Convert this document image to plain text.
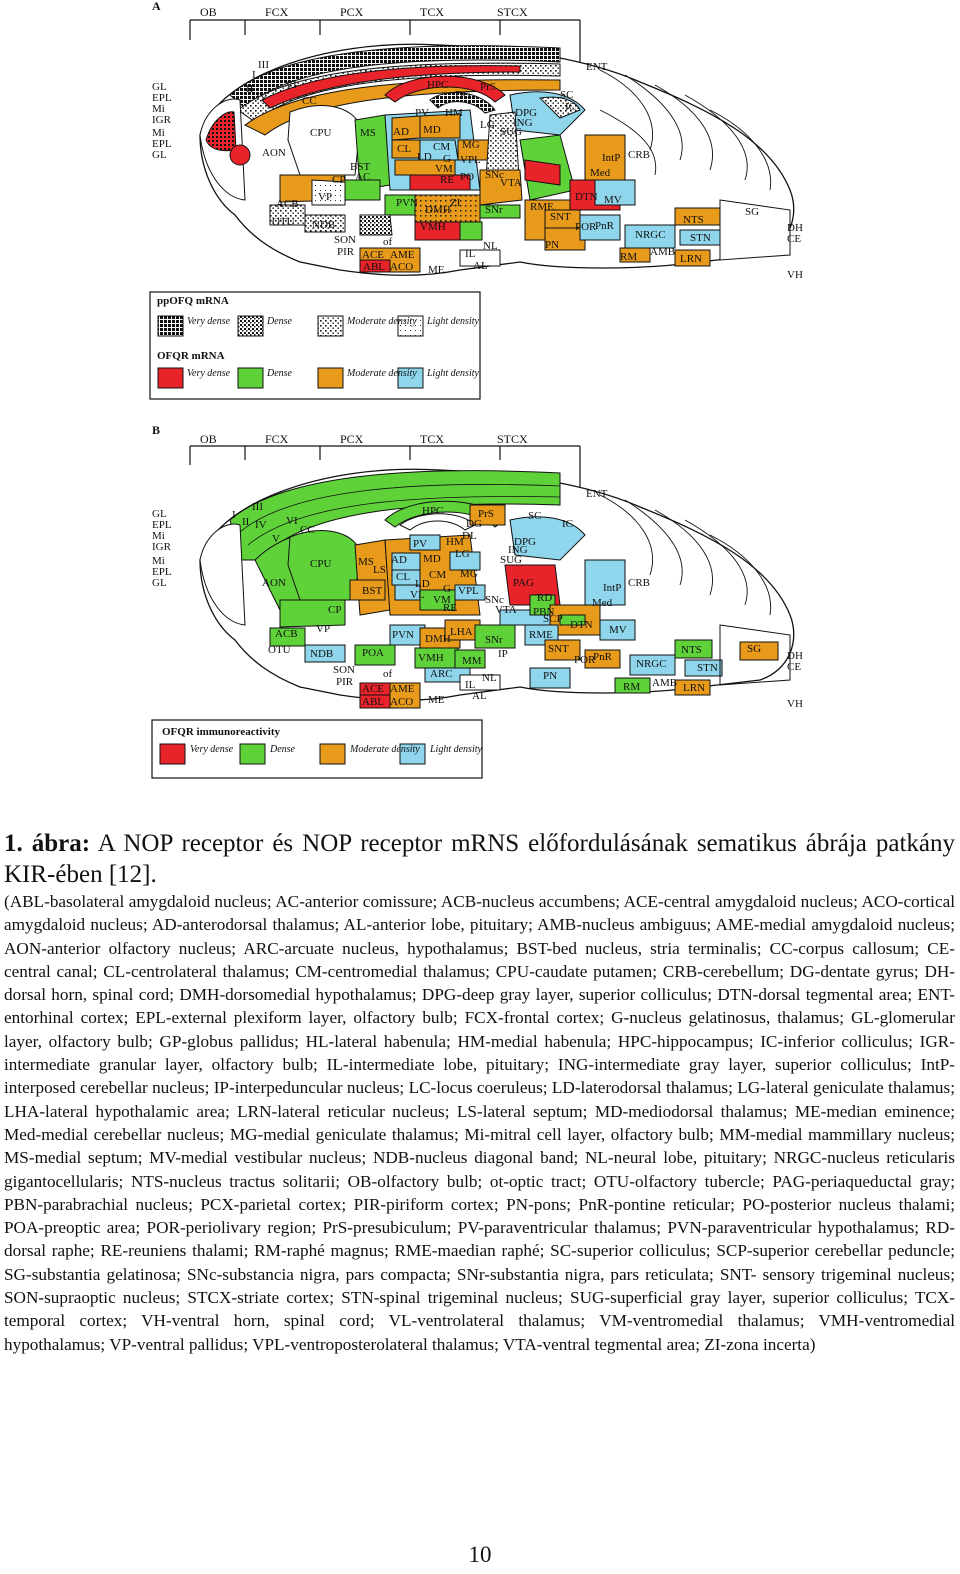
A	OB	FCX	PCX	TCX	STCX
GL
EPL
Mi
IGR
Mi
EPL
GL
I
II
III
IV
VI
CC
CPU
HPC	PrS
DG	SC
IC
DPG
ING
SUG
MS AD MD
HM
PV
CL CM MG
LD G VPL
LG
AON
ACB
VP
CP AC
BST
OTU NDB
SON
PIR
PVN
DMH
ZI
VMH
RE
VM
PO SNc
VTA
SNr
ME
NL
IL
AL
ACE AME
ABL ACO
of
CRB
IntP
Med
MV
DTN
SNT
RME
PN
PnR
POR
NRGC
NTS
STN
LRN
AMB
RM
SG
ENT
DH
CE
VH
ppOFQ mRNA
Very dense	Dense	Moderate density Light density
OFQR mRNA
Very dense	Dense	Moderate density Light density
B
OB	FCX	PCX	TCX	STCX
GL
EPL
Mi
IGR
Mi
EPL
GL
I
II
III
IV
V
VI
CC
CPU
HPC	PrS
DG
DL
SC
IC
DPG
ING
SUG
PV HM
MS
LS
AD MD LG
CL CM MG
LD G VPL
BST	VL VM
RE
PAG
AON
ACB VP
CP
OTU NDB
PVN
POA
DMH
LHA
VMH
SNc
VTA
SNr
IP
SON
PIR
ACE AME
ABL ACO
of	ARC
MM
NL
IL
AL
ME
IntP
Med
CRB
MV
DTN
PBN
RD
SCP
RME
SNT
PnR
POR
PN
NRGC
NTS
STN
SG
RM AMB LRN
ENT
DH
CE
VH
OFQR immunoreactivity
Very dense	Dense	Moderate density Light density
1. ábra: A NOP receptor és NOP receptor mRNS előfordulásának sematikus ábrája patkány KIR-ében [12].
(ABL-basolateral amygdaloid nucleus; AC-anterior comissure; ACB-nucleus accumbens; ACE-central amygdaloid nucleus; ACO-cortical amygdaloid nucleus; AD-anterodorsal thalamus; AL-anterior lobe, pituitary; AMB-nucleus ambiguus; AME-medial amygdaloid nucleus; AON-anterior olfactory nucleus; ARC-arcuate nucleus, hypothalamus; BST-bed nucleus, stria terminalis; CC-corpus callosum; CE-central canal; CL-centrolateral thalamus; CM-centromedial thalamus; CPU-caudate putamen; CRB-cerebellum; DG-dentate gyrus; DH-dorsal horn, spinal cord; DMH-dorsomedial hypothalamus; DPG-deep gray layer, superior colliculus; DTN-dorsal tegmental area; ENT-entorhinal cortex; EPL-external plexiform layer, olfactory bulb; FCX-frontal cortex; G-nucleus gelatinosus, thalamus; GL-glomerular layer, olfactory bulb; GP-globus pallidus; HL-lateral habenula; HM-medial habenula; HPC-hippocampus; IC-inferior colliculus; IGR- intermediate granular layer, olfactory bulb; IL-intermediate lobe, pituitary; ING-intermediate gray layer, superior colliculus; IntP-interposed cerebellar nucleus; IP-interpeduncular nucleus; LC-locus coeruleus; LD-laterodorsal thalamus; LG-lateral geniculate thalamus; LHA-lateral hypothalamic area; LRN-lateral reticular nucleus; LS-lateral septum; MD-mediodorsal thalamus; ME-median eminence; Med-medial cerebellar nucleus; MG-medial geniculate thalamus; Mi-mitral cell layer, olfactory bulb; MM-medial mammillary nucleus; MS-medial septum; MV-medial vestibular nucleus; NDB-nucleus diagonal band; NL-neural lobe, pituitary; NRGC-nucleus reticularis gigantocellularis; NTS-nucleus tractus solitarii; OB-olfactory bulb; ot-optic tract; OTU-olfactory tubercle; PAG-periaqueductal gray; PBN-parabrachial nucleus; PCX-parietal cortex; PIR-piriform cortex; PN-pons; PnR-pontine reticular; PO-posterior nucleus thalami; POA-preoptic area; POR-periolivary region; PrS-presubiculum; PV-paraventricular thalamus; PVN-paraventricular hypothalamus; RD-dorsal raphe; RE-reuniens thalami; RM-raphé magnus; RME-maedian raphé; SC-superior colliculus; SCP-superior cerebellar peduncle; SG-substantia gelatinosa; SNc-substancia nigra, pars compacta; SNr-substantia nigra, pars reticulata; SNT- sensory trigeminal nucleus; SON-supraoptic nucleus; STCX-striate cortex; STN-spinal trigeminal nucleus; SUG-superficial gray layer, superior colliculus; TCX-temporal cortex; VH-ventral horn, spinal cord; VL-ventrolateral thalamus; VM-ventromedial thalamus; VMH-ventromedial hypothalamus; VP-ventral pallidus; VPL-ventroposterolateral thalamus; VTA-ventral tegmental area; ZI-zona incerta)
10
